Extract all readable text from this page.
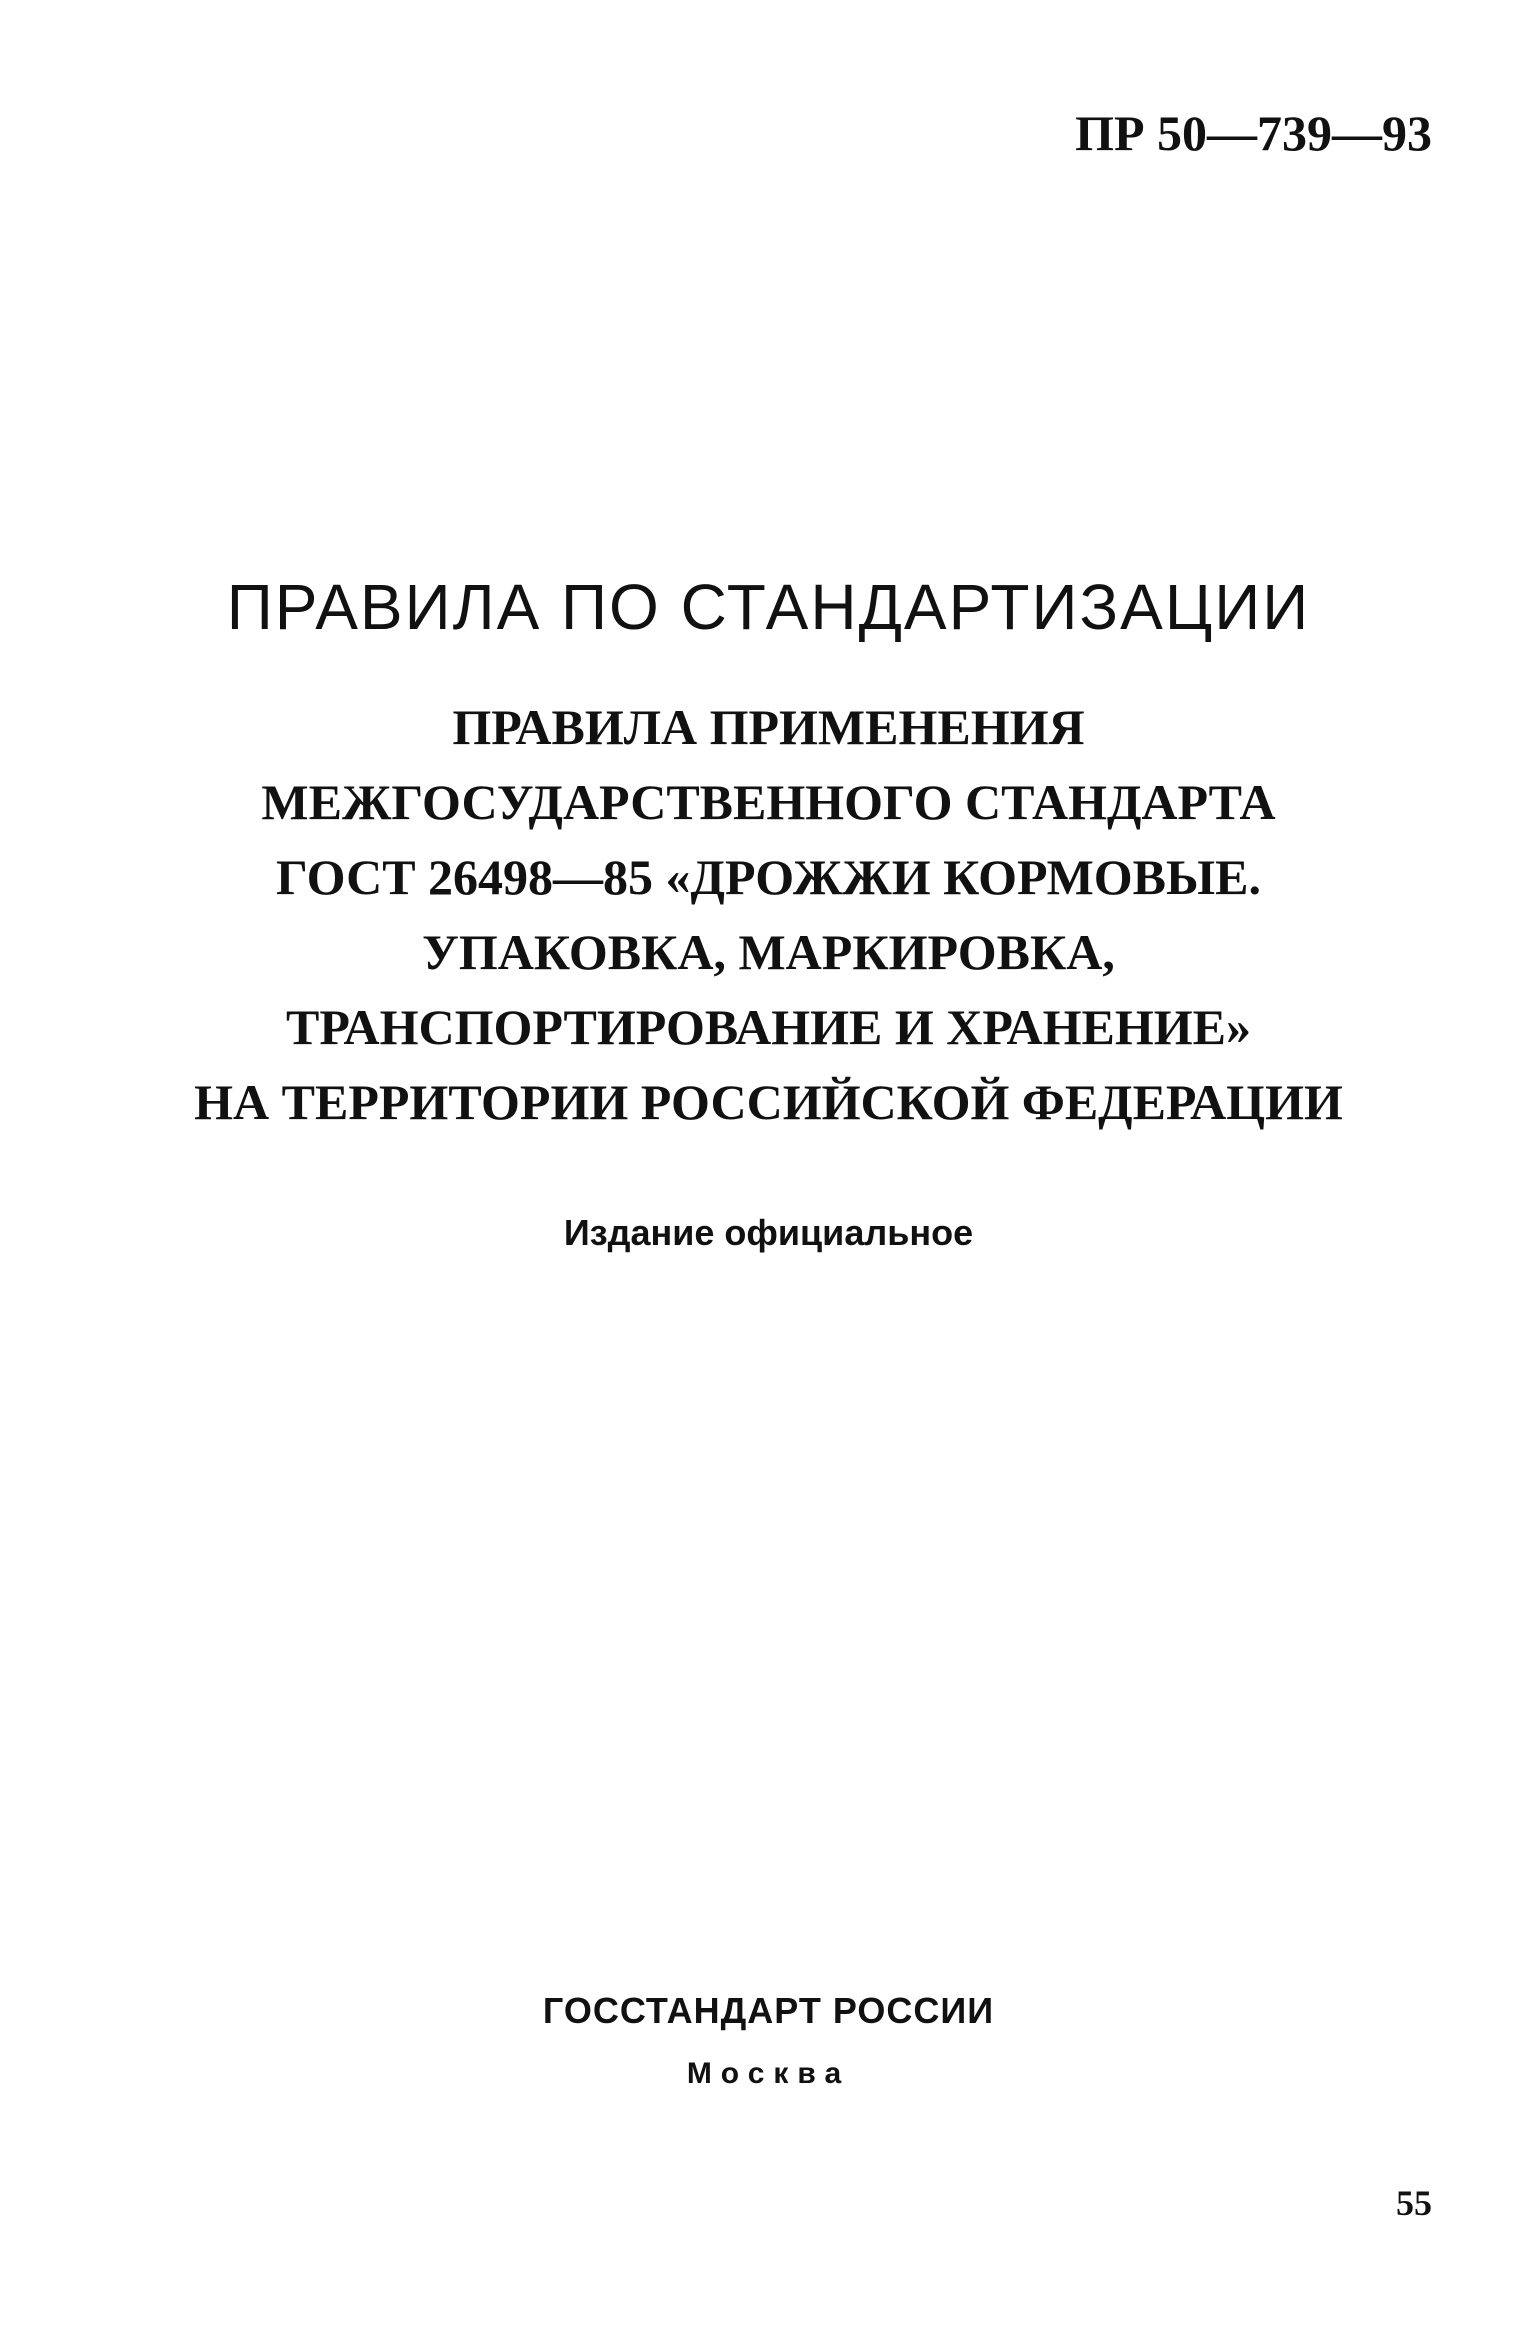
ПР 50—739—93

ПРАВИЛА ПО СТАНДАРТИЗАЦИИ
ПРАВИЛА ПРИМЕНЕНИЯ
МЕЖГОСУДАРСТВЕННОГО СТАНДАРТА
ГОСТ 26498—85 «ДРОЖЖИ КОРМОВЫЕ.
УПАКОВКА, МАРКИРОВКА,
ТРАНСПОРТИРОВАНИЕ И ХРАНЕНИЕ»
НА ТЕРРИТОРИИ РОССИЙСКОЙ ФЕДЕРАЦИИ

Издание официальное

ГОССТАНДАРТ РОССИИ

Москва

55
